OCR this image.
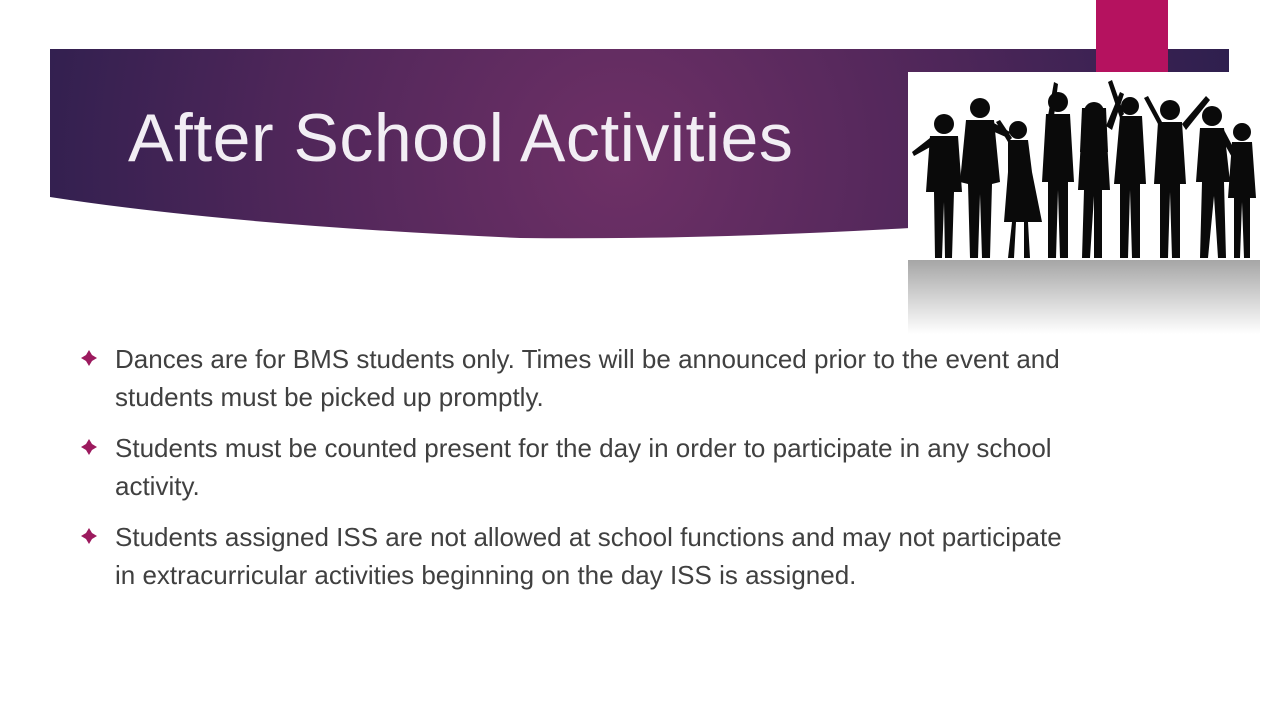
After School Activities
Dances are for BMS students only. Times will be announced prior to the event and students must be picked up promptly.
Students must be counted present for the day in order to participate in any school activity.
Students assigned ISS are not allowed at school functions and may not participate in extracurricular activities beginning on the day ISS is assigned.
